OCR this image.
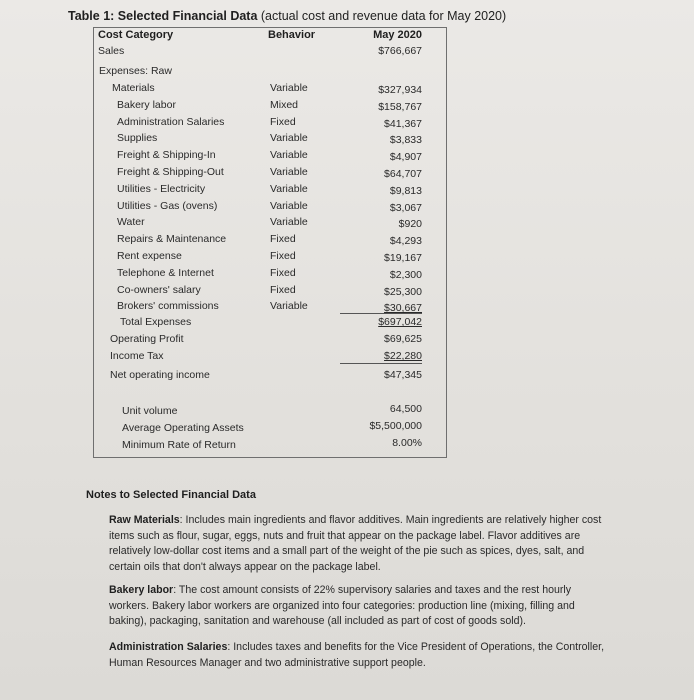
Table 1: Selected Financial Data (actual cost and revenue data for May 2020)
Cost Category	Behavior	May 2020
Sales	$766,667
Expenses: Raw
Materials	Variable	$327,934
Bakery labor	Mixed	$158,767
Administration Salaries	Fixed	$41,367
Supplies	Variable	$3,833
Freight & Shipping-In	Variable	$4,907
Freight & Shipping-Out	Variable	$64,707
Utilities - Electricity	Variable	$9,813
Utilities - Gas (ovens)	Variable	$3,067
Water	Variable	$920
Repairs & Maintenance	Fixed	$4,293
Rent expense	Fixed	$19,167
Telephone & Internet	Fixed	$2,300
Co-owners' salary	Fixed	$25,300
Brokers' commissions	Variable	$30,667
Total Expenses	$697,042
Operating Profit	$69,625
Income Tax	$22,280
Net operating income	$47,345
Unit volume	64,500
Average Operating Assets	$5,500,000
Minimum Rate of Return	8.00%
Notes to Selected Financial Data
Raw Materials: Includes main ingredients and flavor additives. Main ingredients are relatively higher cost items such as flour, sugar, eggs, nuts and fruit that appear on the package label. Flavor additives are relatively low-dollar cost items and a small part of the weight of the pie such as spices, dyes, salt, and certain oils that don't always appear on the package label.
Bakery labor: The cost amount consists of 22% supervisory salaries and taxes and the rest hourly workers. Bakery labor workers are organized into four categories: production line (mixing, filling and baking), packaging, sanitation and warehouse (all included as part of cost of goods sold).
Administration Salaries: Includes taxes and benefits for the Vice President of Operations, the Controller, Human Resources Manager and two administrative support people.
